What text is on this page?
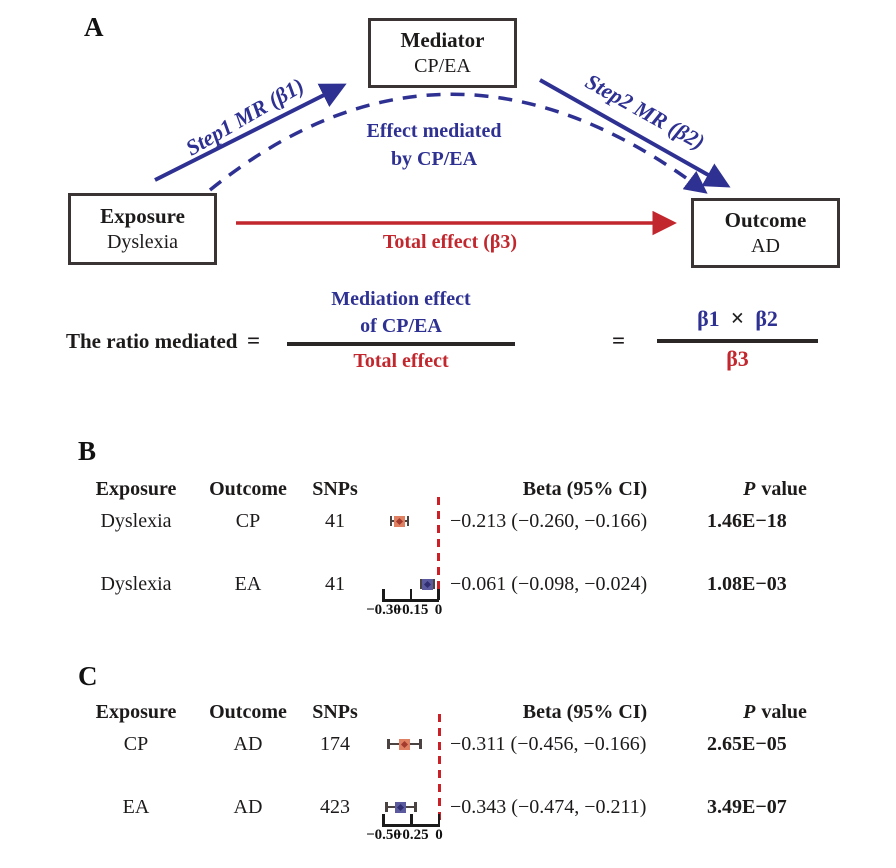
A	Mediator
CP/EA
Exposure
Dyslexia
Outcome
AD
Step1 MR (β1)	Step2 MR (β2)
Effect mediated
by CP/EA
Total effect (β3)
The ratio mediated =
Mediation effect
of CP/EA
Total effect
=
β1 × β2
β3
B
Exposure	Outcome	SNPs	Beta (95% CI)	P value
Dyslexia	CP	41	−0.213 (−0.260, −0.166)	1.46E−18
Dyslexia	EA	41	−0.061 (−0.098, −0.024)	1.08E−03
−0.30
−0.15 0
C
Exposure	Outcome	SNPs	Beta (95% CI)	P value
CP	AD	174	−0.311 (−0.456, −0.166)	2.65E−05
EA	AD	423	−0.343 (−0.474, −0.211)	3.49E−07
−0.50
−0.25 0
